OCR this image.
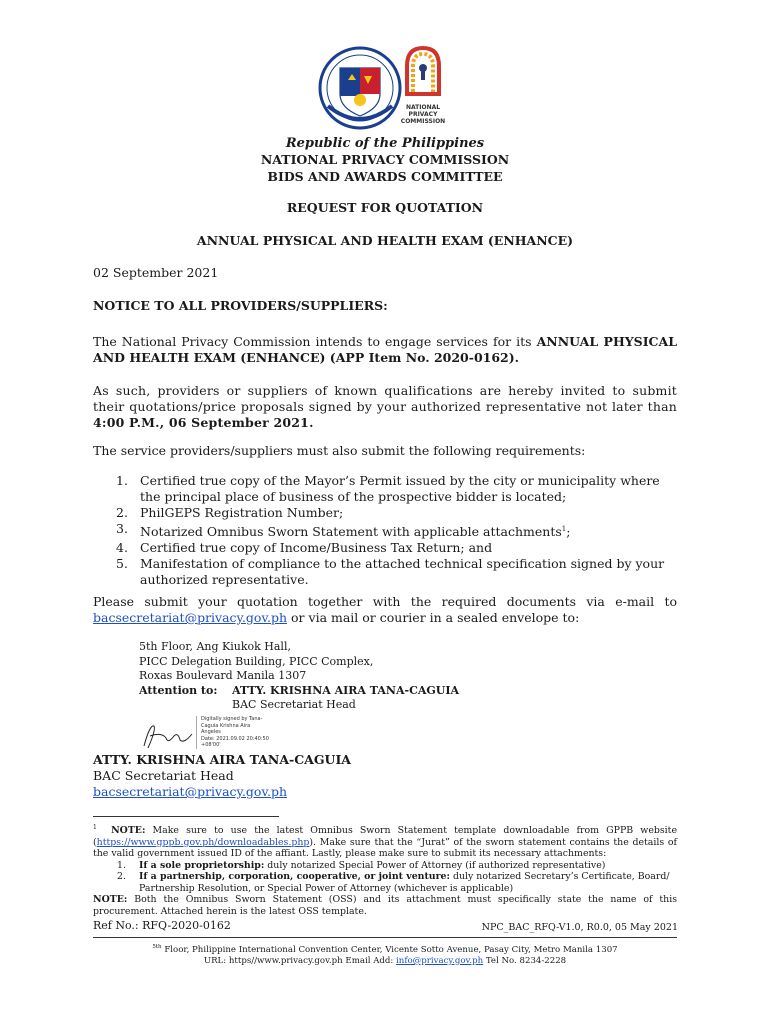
NATIONAL
PRIVACY
COMMISSION
Republic of the Philippines
NATIONAL PRIVACY COMMISSION
BIDS AND AWARDS COMMITTEE
REQUEST FOR QUOTATION
ANNUAL PHYSICAL AND HEALTH EXAM (ENHANCE)
02 September 2021
NOTICE TO ALL PROVIDERS/SUPPLIERS:
The National Privacy Commission intends to engage services for its ANNUAL PHYSICAL AND HEALTH EXAM (ENHANCE) (APP Item No. 2020-0162).
As such, providers or suppliers of known qualifications are hereby invited to submit their quotations/price proposals signed by your authorized representative not later than 4:00 P.M., 06 September 2021.
The service providers/suppliers must also submit the following requirements:
1. Certified true copy of the Mayor’s Permit issued by the city or municipality where the principal place of business of the prospective bidder is located;
2. PhilGEPS Registration Number;
3. Notarized Omnibus Sworn Statement with applicable attachments$^1$;
4. Certified true copy of Income/Business Tax Return; and
5. Manifestation of compliance to the attached technical specification signed by your authorized representative.
Please submit your quotation together with the required documents via e-mail to
bacsecretariat@privacy.gov.ph or via mail or courier in a sealed envelope to:
5th Floor, Ang Kiukok Hall,
PICC Delegation Building, PICC Complex,
Roxas Boulevard Manila 1307
Attention to:	ATTY. KRISHNA AIRA TANA-CAGUIA
BAC Secretariat Head
Digitally signed by Tana-
Caguia Krishna Aira
Angeles
Date: 2021.09.02 20:40:50
+08'00'
ATTY. KRISHNA AIRA TANA-CAGUIA
BAC Secretariat Head
bacsecretariat@privacy.gov.ph
$^1$ NOTE: Make sure to use the latest Omnibus Sworn Statement template downloadable from GPPB website (https://www.gppb.gov.ph/downloadables.php). Make sure that the “Jurat” of the sworn statement contains the details of the valid government issued ID of the affiant. Lastly, please make sure to submit its necessary attachments:
1.	If a sole proprietorship: duly notarized Special Power of Attorney (if authorized representative)
2.	If a partnership, corporation, cooperative, or joint venture: duly notarized Secretary’s Certificate, Board/ Partnership Resolution, or Special Power of Attorney (whichever is applicable)
NOTE: Both the Omnibus Sworn Statement (OSS) and its attachment must specifically state the name of this procurement. Attached herein is the latest OSS template.
Ref No.: RFQ-2020-0162	NPC_BAC_RFQ-V1.0, R0.0, 05 May 2021
$^{5th}$ Floor, Philippine International Convention Center, Vicente Sotto Avenue, Pasay City, Metro Manila 1307
URL: https//www.privacy.gov.ph Email Add: info@privacy.gov.ph Tel No. 8234-2228
